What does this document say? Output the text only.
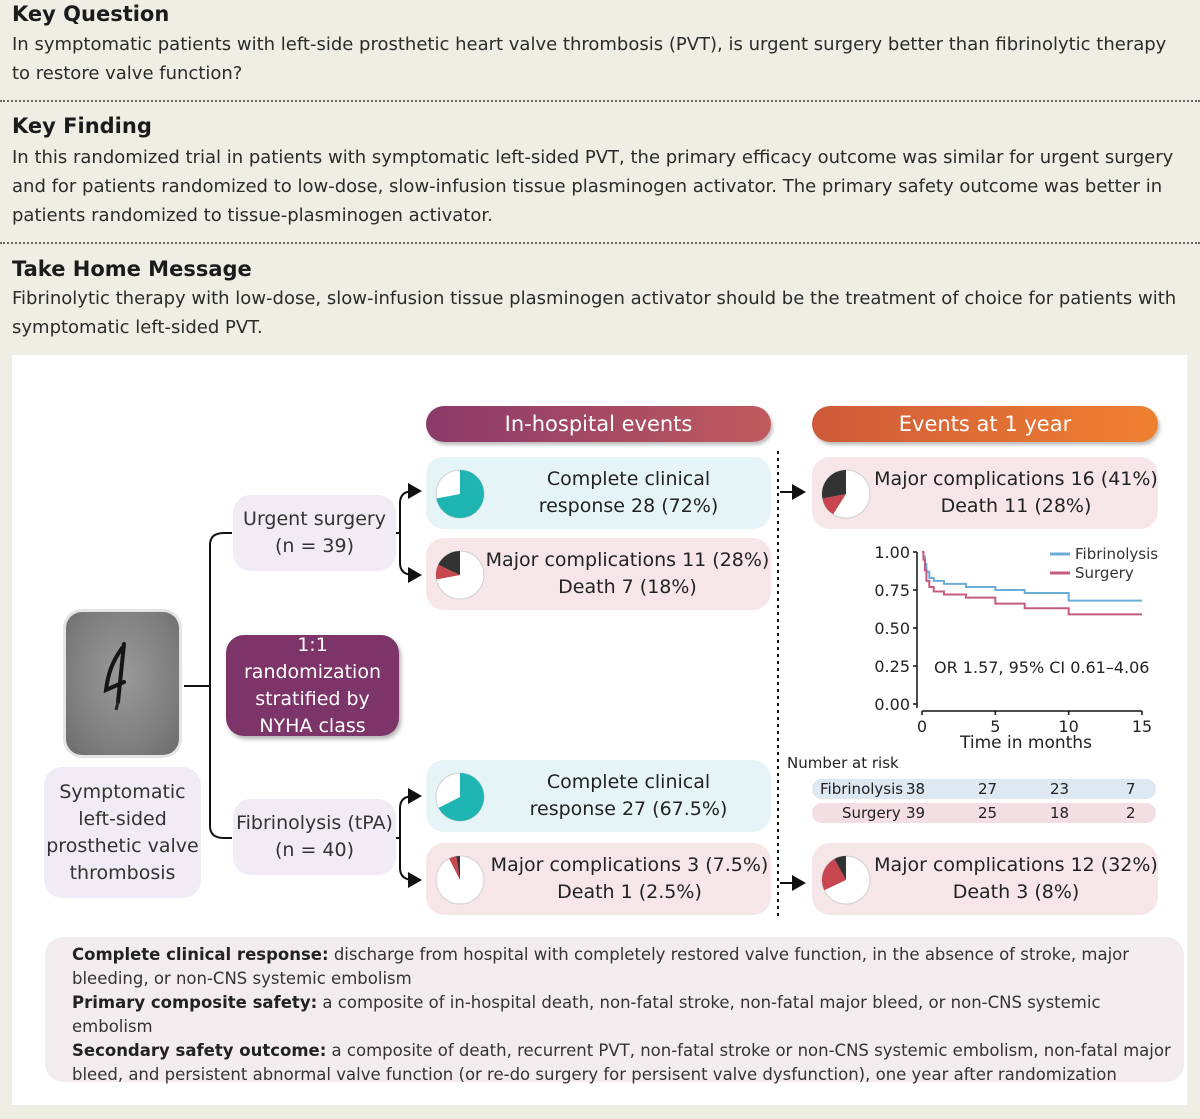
Key Question
In symptomatic patients with left-side prosthetic heart valve thrombosis (PVT), is urgent surgery better than fibrinolytic therapy to restore valve function?
Key Finding
In this randomized trial in patients with symptomatic left-sided PVT, the primary efficacy outcome was similar for urgent surgery and for patients randomized to low-dose, slow-infusion tissue plasminogen activator. The primary safety outcome was better in patients randomized to tissue-plasminogen activator.
Take Home Message
Fibrinolytic therapy with low-dose, slow-infusion tissue plasminogen activator should be the treatment of choice for patients with symptomatic left-sided PVT.
In-hospital events	Events at 1 year
Symptomatic
left-sided
prosthetic valve
thrombosis
1:1 randomization
stratified by
NYHA class
Urgent surgery
(n = 39)
Fibrinolysis (tPA)
(n = 40)
Complete clinical
response 28 (72%)
Major complications 11 (28%)
Death 7 (18%)
Complete clinical
response 27 (67.5%)
Major complications 3 (7.5%)
Death 1 (2.5%)
Major complications 16 (41%)
Death 11 (28%)
Major complications 12 (32%)
Death 3 (8%)
0.00
0.25
0.50
0.75
1.00
0	5	10	15
Fibrinolysis
Surgery
OR 1.57, 95% CI 0.61–4.06
Time in months
Number at risk
Fibrinolysis 38	27	23	7
Surgery 39	25	18	2
Complete clinical response: discharge from hospital with completely restored valve function, in the absence of stroke, major bleeding, or non-CNS systemic embolism
Primary composite safety: a composite of in-hospital death, non-fatal stroke, non-fatal major bleed, or non-CNS systemic embolism
Secondary safety outcome: a composite of death, recurrent PVT, non-fatal stroke or non-CNS systemic embolism, non-fatal major bleed, and persistent abnormal valve function (or re-do surgery for persisent valve dysfunction), one year after randomization
